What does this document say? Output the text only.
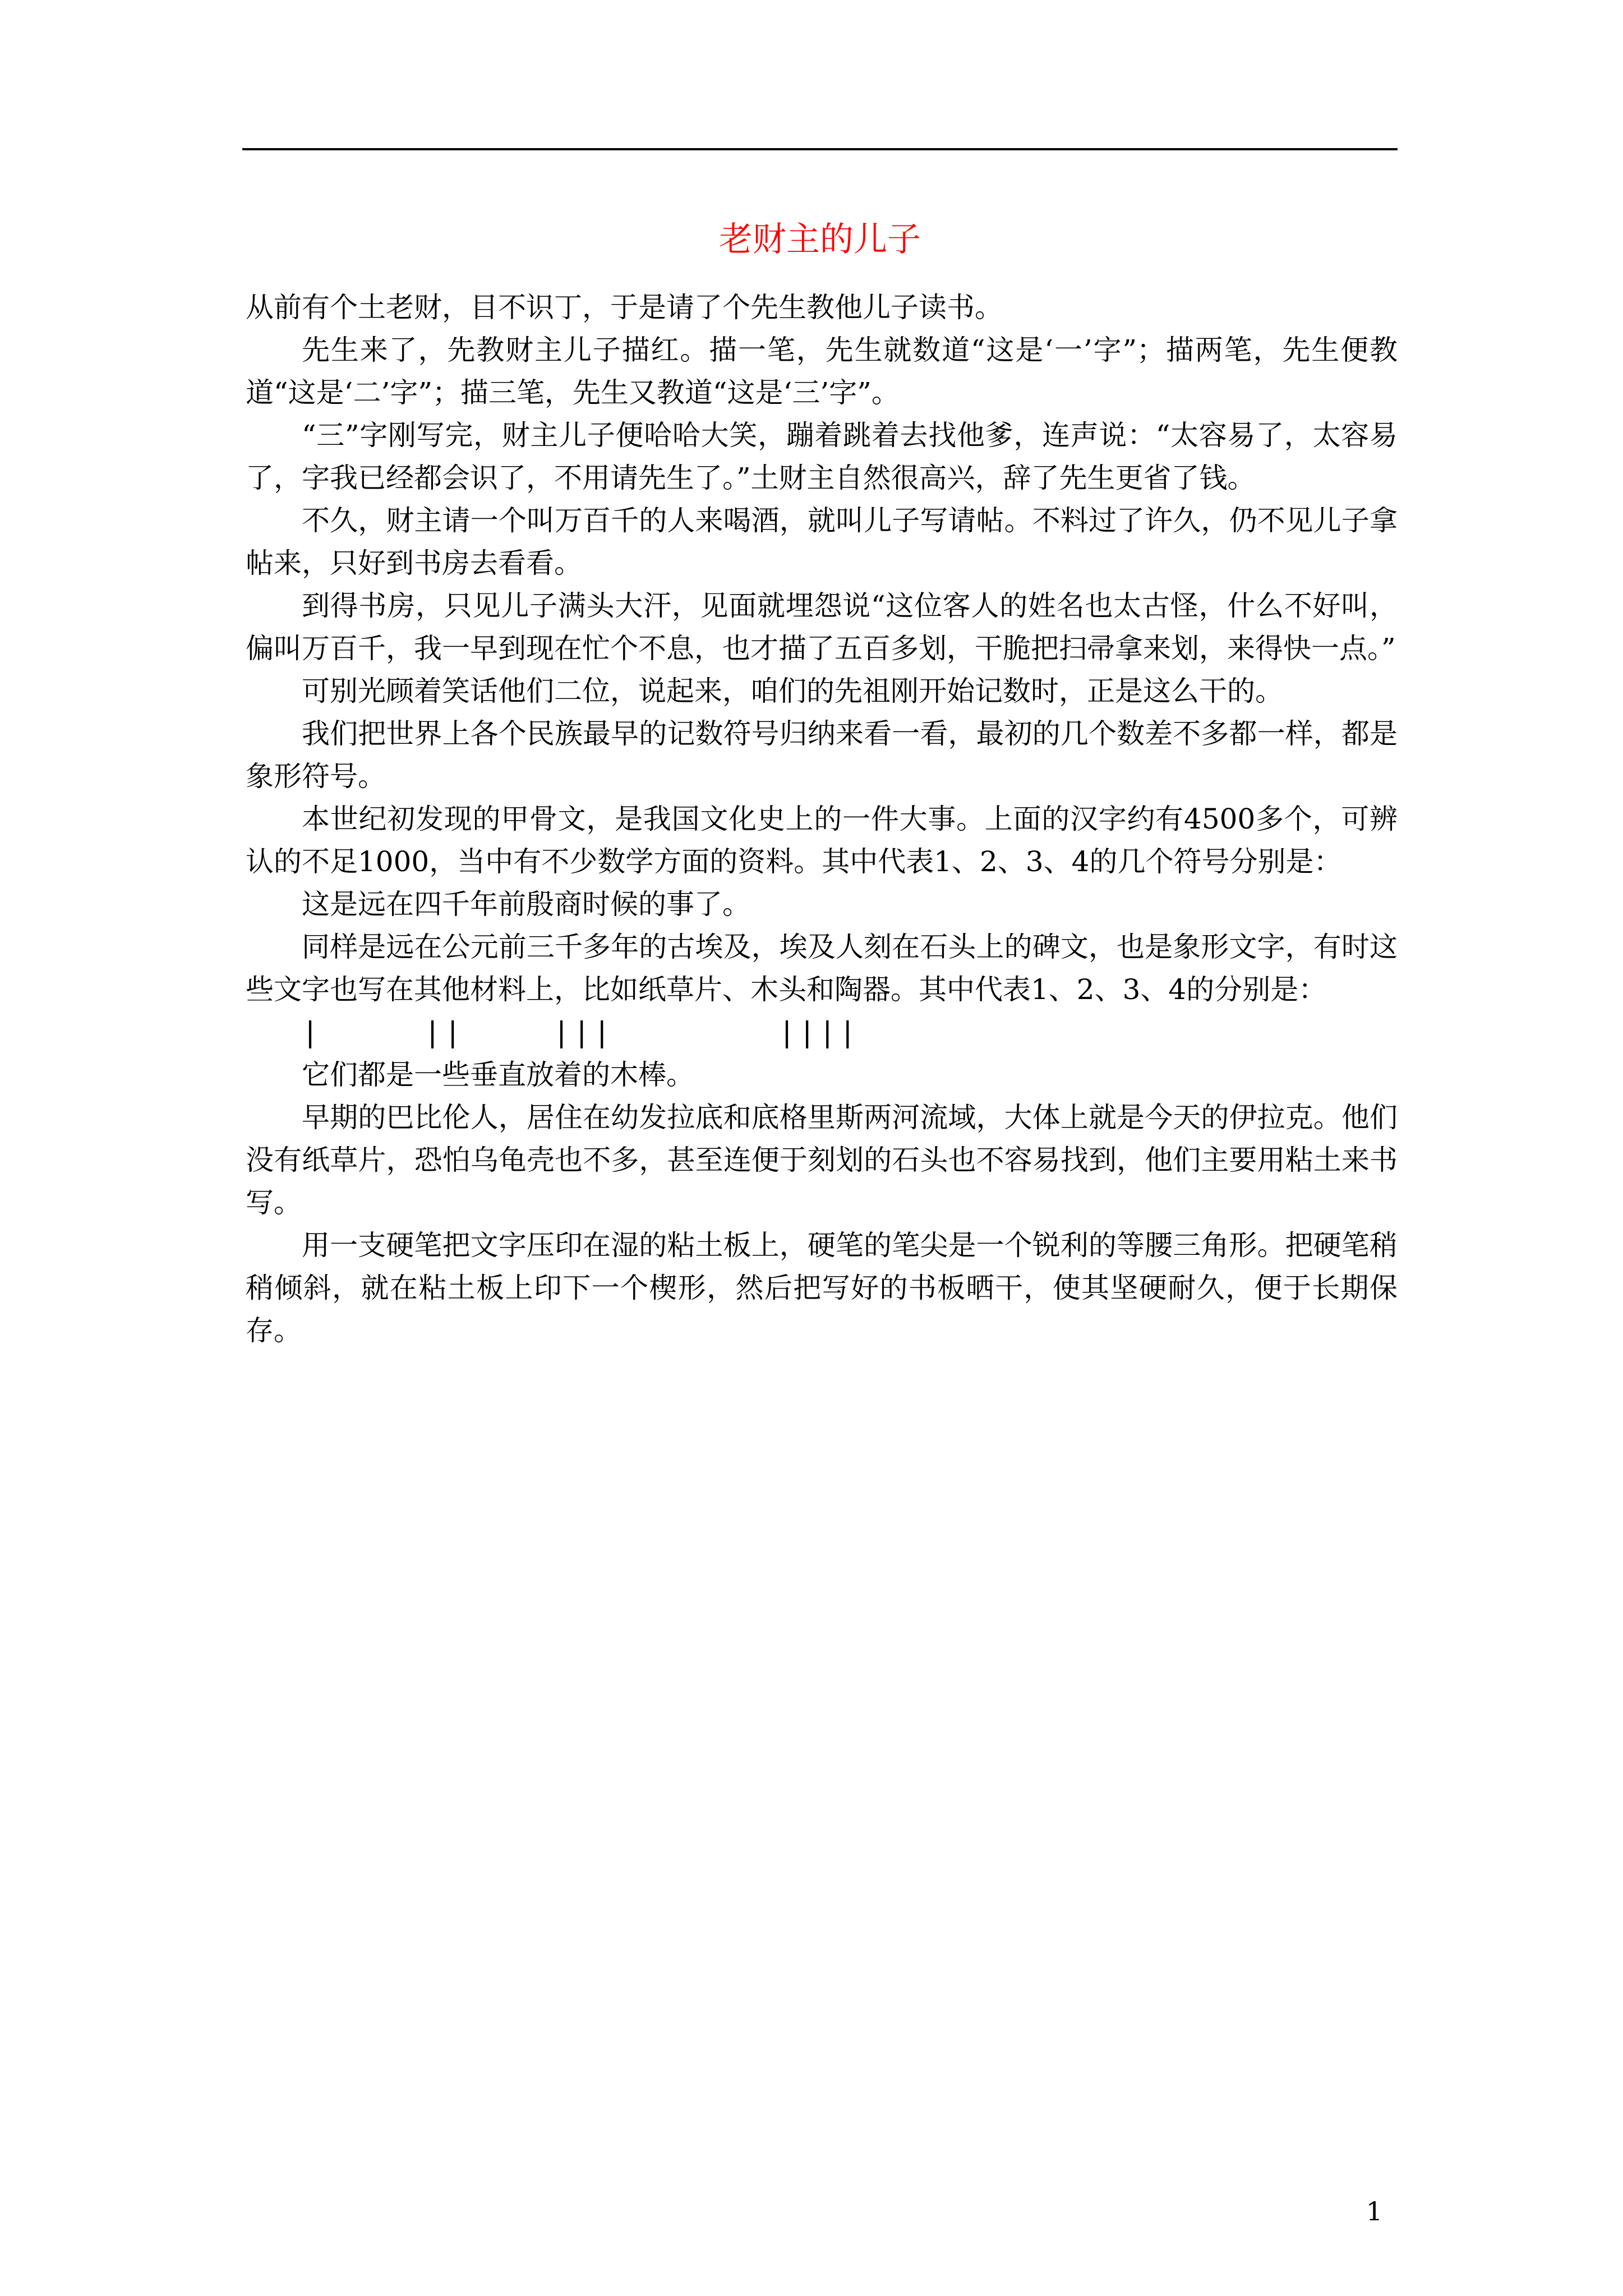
老财主的儿子

从前有个土老财，目不识丁，于是请了个先生教他儿子读书。

先生来了，先教财主儿子描红。描一笔，先生就数道“这是‘一’字”；描两笔，先生便教道“这是‘二’字”；描三笔，先生又教道“这是‘三’字”。

“三”字刚写完，财主儿子便哈哈大笑，蹦着跳着去找他爹，连声说：“太容易了，太容易了，字我已经都会识了，不用请先生了。”土财主自然很高兴，辞了先生更省了钱。

不久，财主请一个叫万百千的人来喝酒，就叫儿子写请帖。不料过了许久，仍不见儿子拿帖来，只好到书房去看看。

到得书房，只见儿子满头大汗，见面就埋怨说“这位客人的姓名也太古怪，什么不好叫，偏叫万百千，我一早到现在忙个不息，也才描了五百多划，干脆把扫帚拿来划，来得快一点。”

可别光顾着笑话他们二位，说起来，咱们的先祖刚开始记数时，正是这么干的。

我们把世界上各个民族最早的记数符号归纳来看一看，最初的几个数差不多都一样，都是象形符号。

本世纪初发现的甲骨文，是我国文化史上的一件大事。上面的汉字约有4500多个，可辨认的不足1000，当中有不少数学方面的资料。其中代表1、2、3、4的几个符号分别是：

这是远在四千年前殷商时候的事了。

同样是远在公元前三千多年的古埃及，埃及人刻在石头上的碑文，也是象形文字，有时这些文字也写在其他材料上，比如纸草片、木头和陶器。其中代表1、2、3、4的分别是：

|	||	|||	||||

它们都是一些垂直放着的木棒。

早期的巴比伦人，居住在幼发拉底和底格里斯两河流域，大体上就是今天的伊拉克。他们没有纸草片，恐怕乌龟壳也不多，甚至连便于刻划的石头也不容易找到，他们主要用粘土来书写。

用一支硬笔把文字压印在湿的粘土板上，硬笔的笔尖是一个锐利的等腰三角形。把硬笔稍稍倾斜，就在粘土板上印下一个楔形，然后把写好的书板晒干，使其坚硬耐久，便于长期保存。

1
